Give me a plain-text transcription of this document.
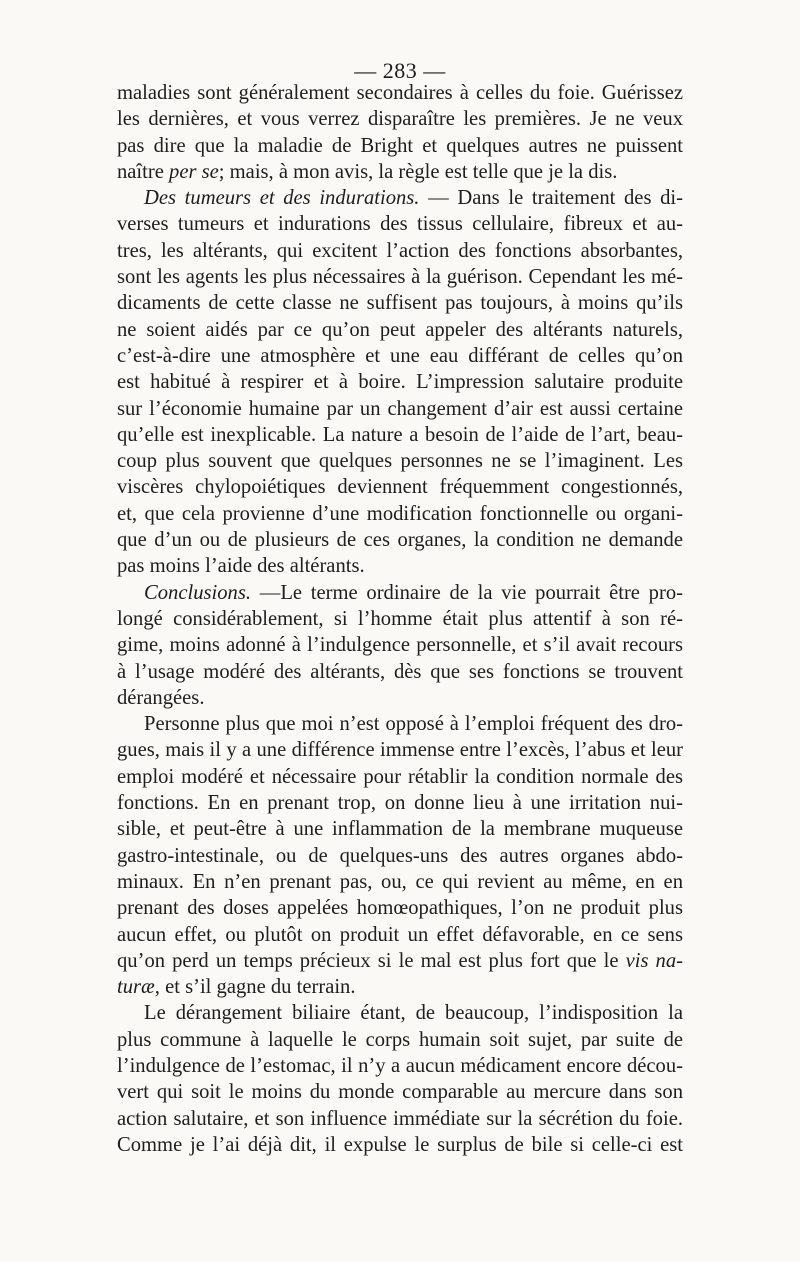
— 283 —
maladies sont généralement secondaires à celles du foie. Guérissez
les dernières, et vous verrez disparaître les premières. Je ne veux
pas dire que la maladie de Bright et quelques autres ne puissent
naître per se; mais, à mon avis, la règle est telle que je la dis.
Des tumeurs et des indurations. — Dans le traitement des di-
verses tumeurs et indurations des tissus cellulaire, fibreux et au-
tres, les altérants, qui excitent l’action des fonctions absorbantes,
sont les agents les plus nécessaires à la guérison. Cependant les mé-
dicaments de cette classe ne suffisent pas toujours, à moins qu’ils
ne soient aidés par ce qu’on peut appeler des altérants naturels,
c’est-à-dire une atmosphère et une eau différant de celles qu’on
est habitué à respirer et à boire. L’impression salutaire produite
sur l’économie humaine par un changement d’air est aussi certaine
qu’elle est inexplicable. La nature a besoin de l’aide de l’art, beau-
coup plus souvent que quelques personnes ne se l’imaginent. Les
viscères chylopoiétiques deviennent fréquemment congestionnés,
et, que cela provienne d’une modification fonctionnelle ou organi-
que d’un ou de plusieurs de ces organes, la condition ne demande
pas moins l’aide des altérants.
Conclusions. —Le terme ordinaire de la vie pourrait être pro-
longé considérablement, si l’homme était plus attentif à son ré-
gime, moins adonné à l’indulgence personnelle, et s’il avait recours
à l’usage modéré des altérants, dès que ses fonctions se trouvent
dérangées.
Personne plus que moi n’est opposé à l’emploi fréquent des dro-
gues, mais il y a une différence immense entre l’excès, l’abus et leur
emploi modéré et nécessaire pour rétablir la condition normale des
fonctions. En en prenant trop, on donne lieu à une irritation nui-
sible, et peut-être à une inflammation de la membrane muqueuse
gastro-intestinale, ou de quelques-uns des autres organes abdo-
minaux. En n’en prenant pas, ou, ce qui revient au même, en en
prenant des doses appelées homœopathiques, l’on ne produit plus
aucun effet, ou plutôt on produit un effet défavorable, en ce sens
qu’on perd un temps précieux si le mal est plus fort que le vis na-
turæ, et s’il gagne du terrain.
Le dérangement biliaire étant, de beaucoup, l’indisposition la
plus commune à laquelle le corps humain soit sujet, par suite de
l’indulgence de l’estomac, il n’y a aucun médicament encore décou-
vert qui soit le moins du monde comparable au mercure dans son
action salutaire, et son influence immédiate sur la sécrétion du foie.
Comme je l’ai déjà dit, il expulse le surplus de bile si celle-ci est
